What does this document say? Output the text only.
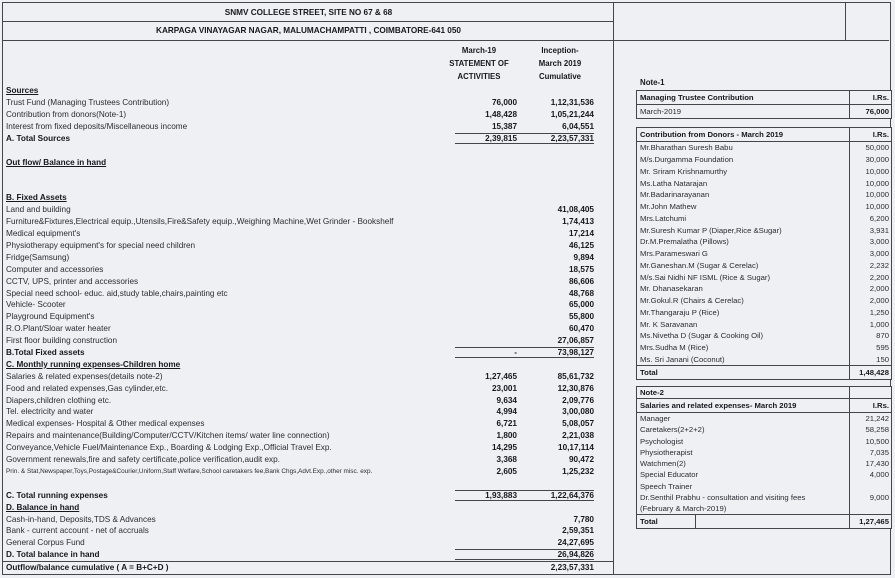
SNMV COLLEGE STREET, SITE NO 67 & 68
KARPAGA VINAYAGAR NAGAR, MALUMACHAMPATTI , COIMBATORE-641 050
March-19
STATEMENT OF
ACTIVITIES
Inception-
March 2019
Cumulative
Sources
Trust Fund (Managing Trustees Contribution)	76,000	1,12,31,536
Contribution from donors(Note-1)	1,48,428	1,05,21,244
Interest from fixed deposits/Miscellaneous income	15,387	6,04,551
A. Total Sources	2,39,815	2,23,57,331
Out flow/ Balance in hand
B. Fixed Assets
Land and building	41,08,405
Furniture&Fixtures,Electrical equip.,Utensils,Fire&Safety equip.,Weighing Machine,Wet Grinder - Bookshelf	1,74,413
Medical equipment's	17,214
Physiotherapy equipment's for special need children	46,125
Fridge(Samsung)	9,894
Computer and accessories	18,575
CCTV, UPS, printer and accessories	86,606
Special need school- educ. aid,study table,chairs,painting etc	48,768
Vehicle- Scooter	65,000
Playground Equipment's	55,800
R.O.Plant/Sloar water heater	60,470
First floor building construction	27,06,857
B.Total Fixed assets	-	73,98,127
C. Monthly running expenses-Children home
Salaries & related expenses(details note-2)	1,27,465	85,61,732
Food and related expenses,Gas cylinder,etc.	23,001	12,30,876
Diapers,children clothing etc.	9,634	2,09,776
Tel. electricity and water	4,994	3,00,080
Medical expenses- Hospital & Other medical expenses	6,721	5,08,057
Repairs and maintenance(Building/Computer/CCTV/Kitchen items/ water line connection)	1,800	2,21,038
Conveyance,Vehicle Fuel/Maintenance Exp., Boarding & Lodging Exp.,Official Travel Exp.	14,295	10,17,114
Government renewals,fire and safety certificate,police verification,audit exp.	3,368	90,472
Prin. & Stat,Newspaper,Toys,Postage&Courier,Uniform,Staff Welfare,School caretakers fee,Bank Chgs,Advt.Exp.,other misc. exp.	2,605	1,25,232
C. Total running expenses	1,93,883	1,22,64,376
D. Balance in hand
Cash-in-hand, Deposits,TDS & Advances	7,780
Bank - current account - net of accruals	2,59,351
General Corpus Fund	24,27,695
D. Total balance in hand	26,94,826
Outflow/balance cumulative ( A = B+C+D )	2,23,57,331
Note-1
Managing Trustee Contribution	I.Rs.
March-2019	76,000
Contribution from Donors - March 2019	I.Rs.
Mr.Bharathan Suresh Babu	50,000
M/s.Durgamma Foundation	30,000
Mr. Sriram Krishnamurthy	10,000
Ms.Latha Natarajan	10,000
Mr.Badarinarayanan	10,000
Mr.John Mathew	10,000
Mrs.Latchumi	6,200
Mr.Suresh Kumar P (Diaper,Rice &Sugar)	3,931
Dr.M.Premalatha (Pillows)	3,000
Mrs.Parameswari G	3,000
Mr.Ganeshan.M (Sugar & Cerelac)	2,232
M/s.Sai Nidhi NF ISML (Rice & Sugar)	2,200
Mr. Dhanasekaran	2,000
Mr.Gokul.R (Chairs & Cerelac)	2,000
Mr.Thangaraju P (Rice)	1,250
Mr. K Saravanan	1,000
Ms.Nivetha D (Sugar & Cooking Oil)	870
Mrs.Sudha M (Rice)	595
Ms. Sri Janani (Coconut)	150
Total	1,48,428
Note-2
Salaries and related expenses- March 2019	I.Rs.
Manager	21,242
Caretakers(2+2+2)	58,258
Psychologist	10,500
Physiotherapist	7,035
Watchmen(2)	17,430
Special Educator	4,000
Speech Trainer
Dr.Senthil Prabhu - consultation and visiting fees	9,000
(February & March-2019)
Total	1,27,465
